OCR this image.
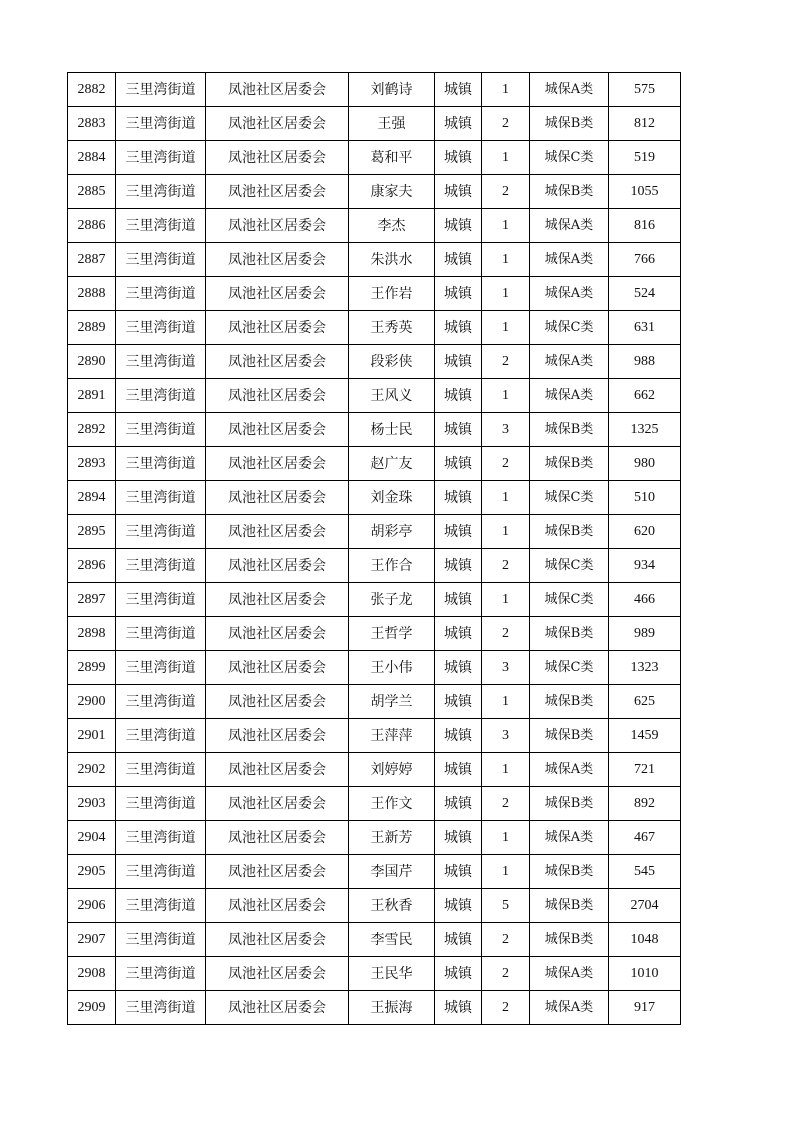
2882	三里湾街道	凤池社区居委会	刘鹤诗	城镇	1	城保A类	575
2883	三里湾街道	凤池社区居委会	王强	城镇	2	城保B类	812
2884	三里湾街道	凤池社区居委会	葛和平	城镇	1	城保C类	519
2885	三里湾街道	凤池社区居委会	康家夫	城镇	2	城保B类	1055
2886	三里湾街道	凤池社区居委会	李杰	城镇	1	城保A类	816
2887	三里湾街道	凤池社区居委会	朱洪水	城镇	1	城保A类	766
2888	三里湾街道	凤池社区居委会	王作岩	城镇	1	城保A类	524
2889	三里湾街道	凤池社区居委会	王秀英	城镇	1	城保C类	631
2890	三里湾街道	凤池社区居委会	段彩侠	城镇	2	城保A类	988
2891	三里湾街道	凤池社区居委会	王风义	城镇	1	城保A类	662
2892	三里湾街道	凤池社区居委会	杨士民	城镇	3	城保B类	1325
2893	三里湾街道	凤池社区居委会	赵广友	城镇	2	城保B类	980
2894	三里湾街道	凤池社区居委会	刘金珠	城镇	1	城保C类	510
2895	三里湾街道	凤池社区居委会	胡彩亭	城镇	1	城保B类	620
2896	三里湾街道	凤池社区居委会	王作合	城镇	2	城保C类	934
2897	三里湾街道	凤池社区居委会	张子龙	城镇	1	城保C类	466
2898	三里湾街道	凤池社区居委会	王哲学	城镇	2	城保B类	989
2899	三里湾街道	凤池社区居委会	王小伟	城镇	3	城保C类	1323
2900	三里湾街道	凤池社区居委会	胡学兰	城镇	1	城保B类	625
2901	三里湾街道	凤池社区居委会	王萍萍	城镇	3	城保B类	1459
2902	三里湾街道	凤池社区居委会	刘婷婷	城镇	1	城保A类	721
2903	三里湾街道	凤池社区居委会	王作文	城镇	2	城保B类	892
2904	三里湾街道	凤池社区居委会	王新芳	城镇	1	城保A类	467
2905	三里湾街道	凤池社区居委会	李国芹	城镇	1	城保B类	545
2906	三里湾街道	凤池社区居委会	王秋香	城镇	5	城保B类	2704
2907	三里湾街道	凤池社区居委会	李雪民	城镇	2	城保B类	1048
2908	三里湾街道	凤池社区居委会	王民华	城镇	2	城保A类	1010
2909	三里湾街道	凤池社区居委会	王振海	城镇	2	城保A类	917
